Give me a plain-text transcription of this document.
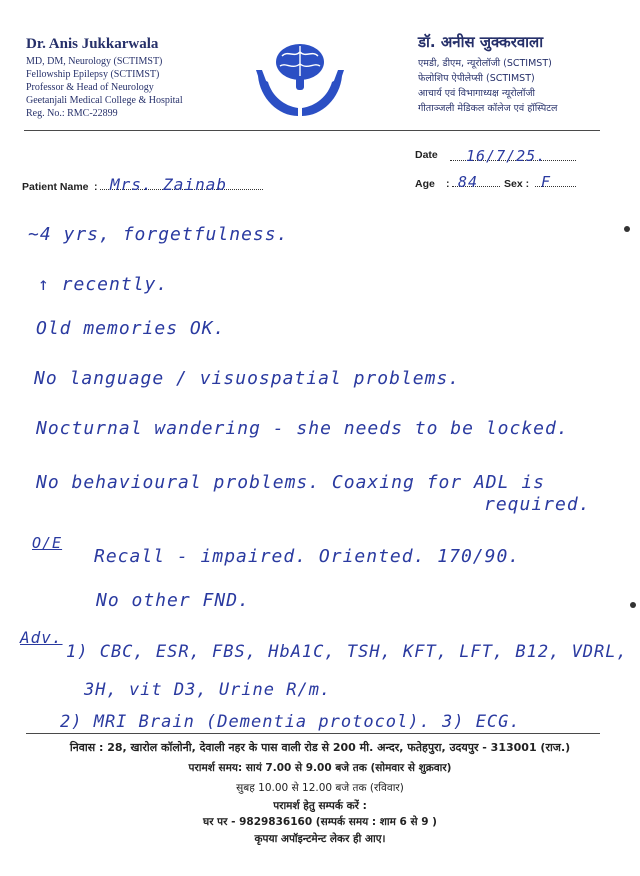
Dr. Anis Jukkarwala
MD, DM, Neurology (SCTIMST)
Fellowship Epilepsy (SCTIMST)
Professor & Head of Neurology
Geetanjali Medical College & Hospital
Reg. No.: RMC-22899
डॉ. अनीस जुक्करवाला
एमडी, डीएम, न्यूरोलॉजी (SCTIMST)
फेलोशिप ऐपीलेप्सी (SCTIMST)
आचार्य एवं विभागाध्यक्ष न्यूरोलॉजी
गीताञ्जली मेडिकल कॉलेज एवं हॉस्पिटल
Date	16/7/25.
Patient Name : Mrs. Zainab	Age : 84	Sex : F
~4 yrs, forgetfulness.
↑ recently.
Old memories OK.
No language / visuospatial problems.
Nocturnal wandering - she needs to be locked.
No behavioural problems. Coaxing for ADL is
required.
O/E
Recall - impaired. Oriented. 170/90.
No other FND.
Adv.
1) CBC, ESR, FBS, HbA1C, TSH, KFT, LFT, B12, VDRL,
3H, vit D3, Urine R/m.
2) MRI Brain (Dementia protocol). 3) ECG.
निवास : 28, खारोल कॉलोनी, देवाली नहर के पास वाली रोड से 200 मी. अन्दर, फतेहपुरा, उदयपुर - 313001 (राज.)
परामर्श समय: सायं 7.00 से 9.00 बजे तक (सोमवार से शुक्रवार)
सुबह 10.00 से 12.00 बजे तक (रविवार)
परामर्श हेतु सम्पर्क करें :
घर पर - 9829836160 (सम्पर्क समय : शाम 6 से 9 )
कृपया अपॉइन्टमेन्ट लेकर ही आए।
